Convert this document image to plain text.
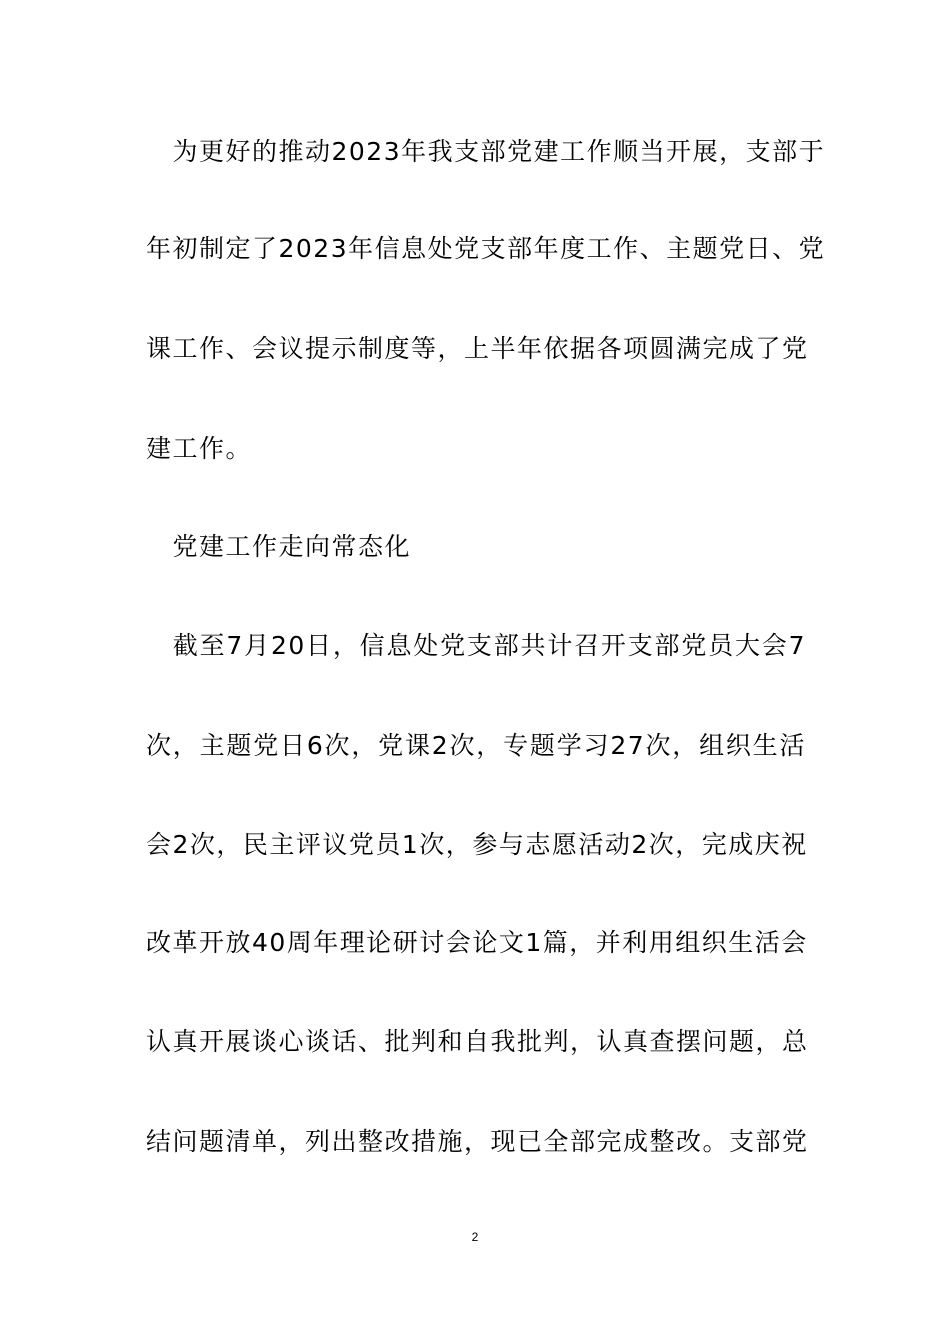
　为更好的推动2023年我支部党建工作顺当开展，支部于
年初制定了2023年信息处党支部年度工作、主题党日、党
课工作、会议提示制度等，上半年依据各项圆满完成了党
建工作。
　党建工作走向常态化
　截至7月20日，信息处党支部共计召开支部党员大会7
次，主题党日6次，党课2次，专题学习27次，组织生活
会2次，民主评议党员1次，参与志愿活动2次，完成庆祝
改革开放40周年理论研讨会论文1篇，并利用组织生活会
认真开展谈心谈话、批判和自我批判，认真查摆问题，总
结问题清单，列出整改措施，现已全部完成整改。支部党
2
